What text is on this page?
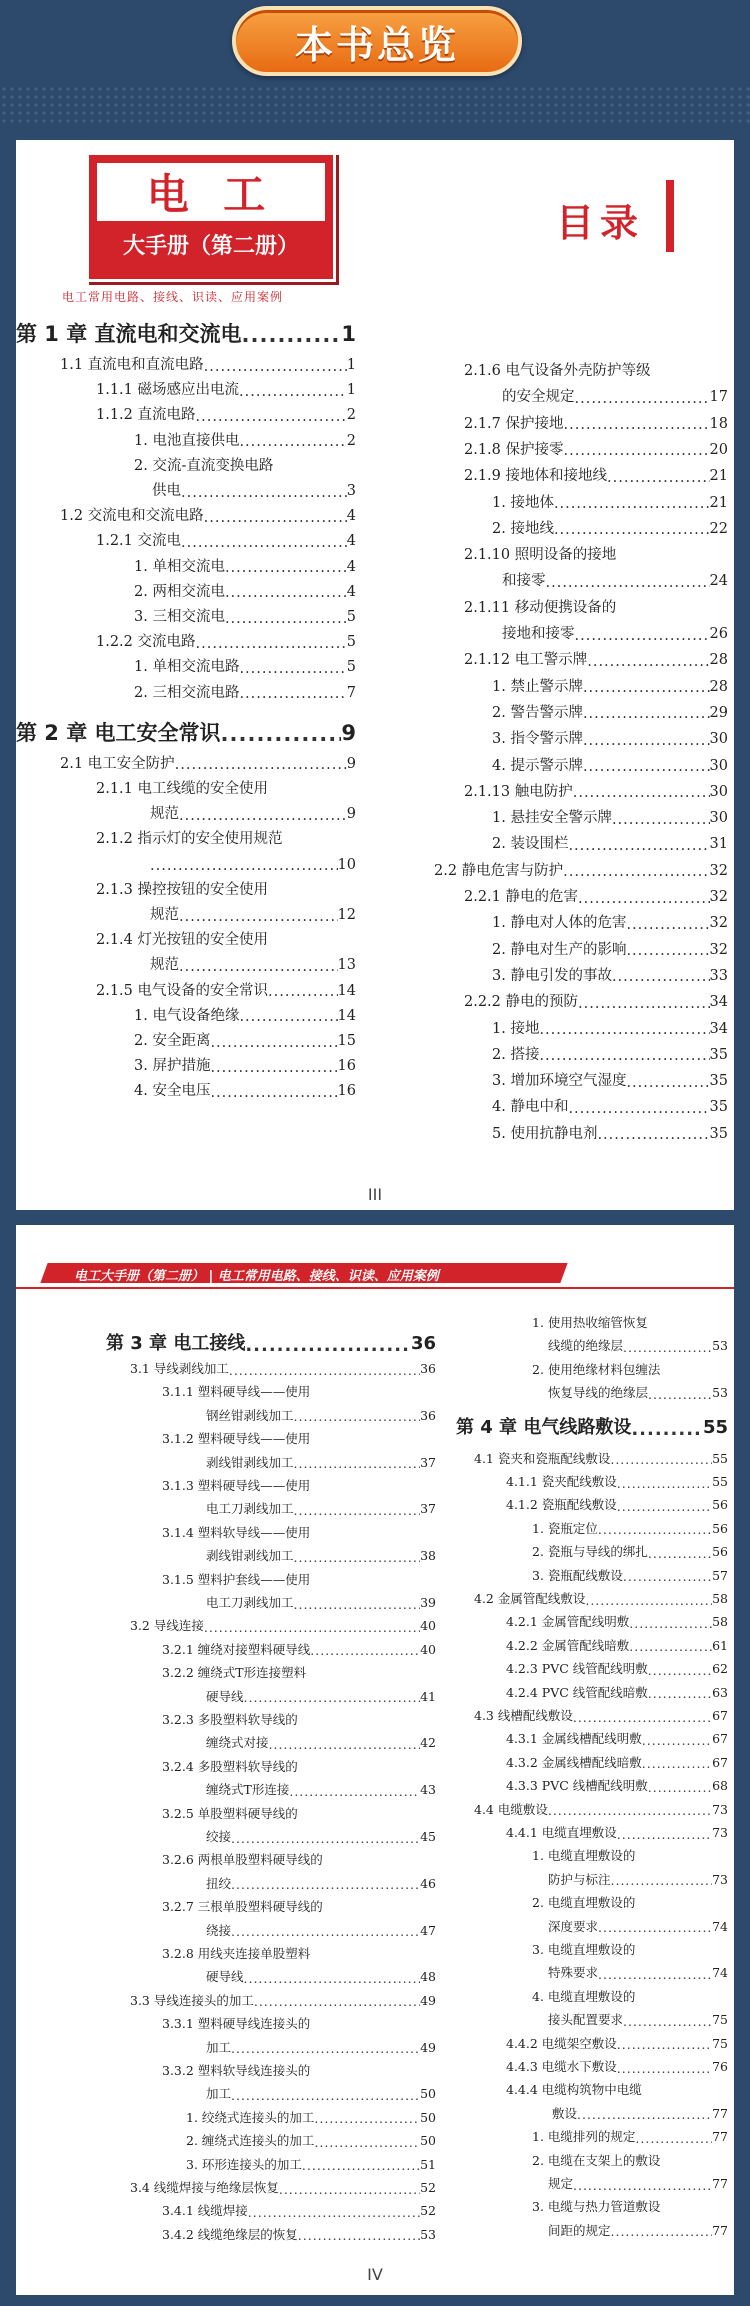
本书总览
电 工
大手册（第二册）
电工常用电路、接线、识读、应用案例
目录
第 1 章 直流电和交流电 .....	1
1.1 直流电和直流电路 .....	1
1.1.1 磁场感应出电流 .....	1
1.1.2 直流电路 .....	2
1. 电池直接供电 .....	2
2. 交流-直流变换电路
供电 .....	3
1.2 交流电和交流电路 .....	4
1.2.1 交流电 .....	4
1. 单相交流电 .....	4
2. 两相交流电 .....	4
3. 三相交流电 .....	5
1.2.2 交流电路 .....	5
1. 单相交流电路 .....	5
2. 三相交流电路 .....	7
第 2 章 电工安全常识 .....	9
2.1 电工安全防护 .....	9
2.1.1 电工线缆的安全使用
规范 .....	9
2.1.2 指示灯的安全使用规范
.....
10
2.1.3 操控按钮的安全使用
规范 .....	12
2.1.4 灯光按钮的安全使用
规范 .....	13
2.1.5 电气设备的安全常识 .....	14
1. 电气设备绝缘 .....	14
2. 安全距离 .....	15
3. 屏护措施 .....	16
4. 安全电压 .....	16
2.1.6 电气设备外壳防护等级
的安全规定 .....	17
2.1.7 保护接地 .....	18
2.1.8 保护接零 .....	20
2.1.9 接地体和接地线 .....	21
1. 接地体 .....	21
2. 接地线 .....	22
2.1.10 照明设备的接地
和接零 .....	24
2.1.11 移动便携设备的
接地和接零 .....	26
2.1.12 电工警示牌 .....	28
1. 禁止警示牌 .....	28
2. 警告警示牌 .....	29
3. 指令警示牌 .....	30
4. 提示警示牌 .....	30
2.1.13 触电防护 .....	30
1. 悬挂安全警示牌 .....	30
2. 装设围栏 .....	31
2.2 静电危害与防护 .....	32
2.2.1 静电的危害 .....	32
1. 静电对人体的危害 .....	32
2. 静电对生产的影响 .....	32
3. 静电引发的事故 .....	33
2.2.2 静电的预防 .....	34
1. 接地 .....	34
2. 搭接 .....	35
3. 增加环境空气湿度 .....	35
4. 静电中和 .....	35
5. 使用抗静电剂 .....	35
III
电工大手册（第二册） | 电工常用电路、接线、识读、应用案例
第 3 章 电工接线 .....	36
3.1 导线剥线加工 .....	36
3.1.1 塑料硬导线——使用
钢丝钳剥线加工 .....	36
3.1.2 塑料硬导线——使用
剥线钳剥线加工 .....	37
3.1.3 塑料硬导线——使用
电工刀剥线加工 .....	37
3.1.4 塑料软导线——使用
剥线钳剥线加工 .....	38
3.1.5 塑料护套线——使用
电工刀剥线加工 .....	39
3.2 导线连接 .....	40
3.2.1 缠绕对接塑料硬导线 .....	40
3.2.2 缠绕式T形连接塑料
硬导线 .....	41
3.2.3 多股塑料软导线的
缠绕式对接 .....	42
3.2.4 多股塑料软导线的
缠绕式T形连接 .....	43
3.2.5 单股塑料硬导线的
绞接 .....	45
3.2.6 两根单股塑料硬导线的
扭绞 .....	46
3.2.7 三根单股塑料硬导线的
绕接 .....	47
3.2.8 用线夹连接单股塑料
硬导线 .....	48
3.3 导线连接头的加工 .....	49
3.3.1 塑料硬导线连接头的
加工 .....	49
3.3.2 塑料软导线连接头的
加工 .....	50
1. 绞绕式连接头的加工 .....	50
2. 缠绕式连接头的加工 .....	50
3. 环形连接头的加工 .....	51
3.4 线缆焊接与绝缘层恢复 .....	52
3.4.1 线缆焊接 .....	52
3.4.2 线缆绝缘层的恢复 .....	53
1. 使用热收缩管恢复
线缆的绝缘层 .....	53
2. 使用绝缘材料包缠法
恢复导线的绝缘层 .....	53
第 4 章 电气线路敷设 .....	55
4.1 瓷夹和瓷瓶配线敷设 .....	55
4.1.1 瓷夹配线敷设 .....	55
4.1.2 瓷瓶配线敷设 .....	56
1. 瓷瓶定位 .....	56
2. 瓷瓶与导线的绑扎 .....	56
3. 瓷瓶配线敷设 .....	57
4.2 金属管配线敷设 .....	58
4.2.1 金属管配线明敷 .....	58
4.2.2 金属管配线暗敷 .....	61
4.2.3 PVC 线管配线明敷 .....	62
4.2.4 PVC 线管配线暗敷 .....	63
4.3 线槽配线敷设 .....	67
4.3.1 金属线槽配线明敷 .....	67
4.3.2 金属线槽配线暗敷 .....	67
4.3.3 PVC 线槽配线明敷 .....	68
4.4 电缆敷设 .....	73
4.4.1 电缆直埋敷设 .....	73
1. 电缆直埋敷设的
防护与标注 .....	73
2. 电缆直埋敷设的
深度要求 .....	74
3. 电缆直埋敷设的
特殊要求 .....	74
4. 电缆直埋敷设的
接头配置要求 .....	75
4.4.2 电缆架空敷设 .....	75
4.4.3 电缆水下敷设 .....	76
4.4.4 电缆构筑物中电缆
敷设 .....	77
1. 电缆排列的规定 .....	77
2. 电缆在支架上的敷设
规定 .....	77
3. 电缆与热力管道敷设
间距的规定 .....	77
IV
